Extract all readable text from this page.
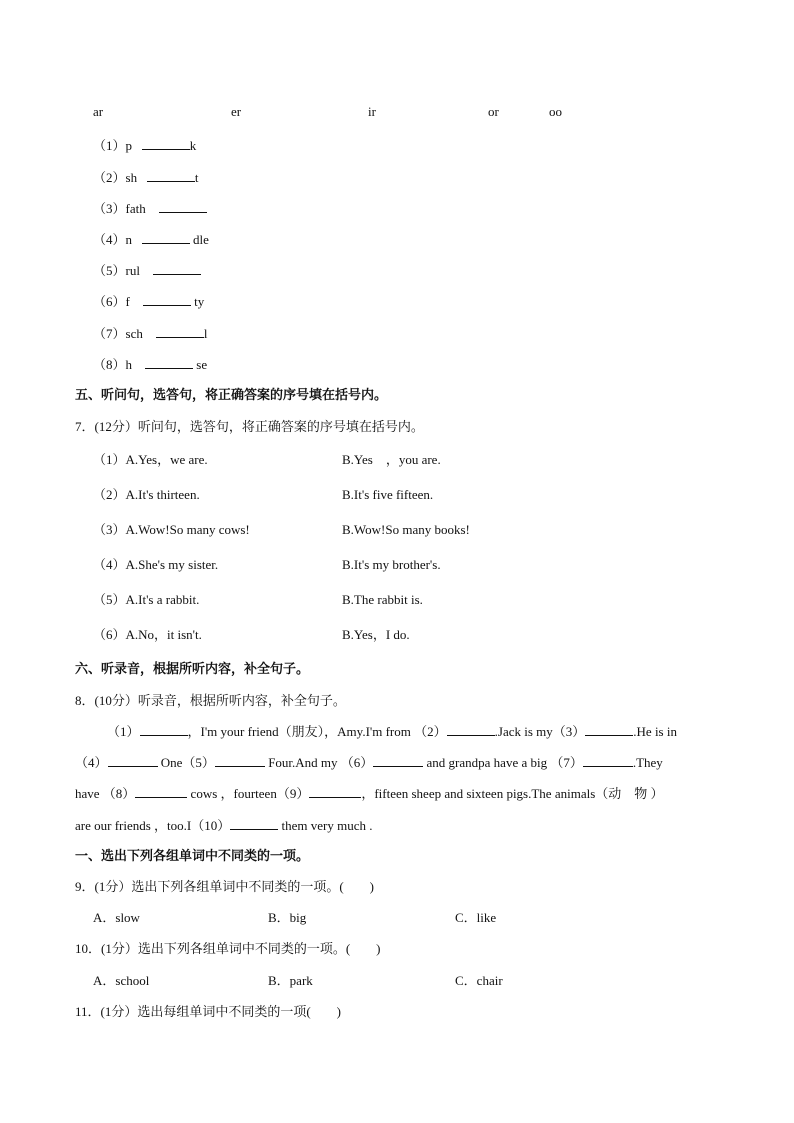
ar	er	ir	or	oo
（1）p	k
（2）sh	t
（3）fath
（4）n	dle
（5）rul
（6）f	ty
（7）sch	l
（8）h	se
五、听问句，选答句，将正确答案的序号填在括号内。
7．(12分）听问句，选答句，将正确答案的序号填在括号内。
（1）A.Yes，we are.	B.Yes　，you are.
（2）A.It's thirteen.	B.It's five fifteen.
（3）A.Wow!So many cows!	B.Wow!So many books!
（4）A.She's my sister.	B.It's my brother's.
（5）A.It's a rabbit.	B.The rabbit is.
（6）A.No，it isn't.	B.Yes，I do.
六、听录音，根据所听内容，补全句子。
8．(10分）听录音，根据所听内容，补全句子。
（1）	，I'm your friend（朋友），Amy.I'm from （2）	.Jack is my（3）	.He is in
（4）	One（5）	Four.And my （6）	and grandpa have a big （7）	.They
have （8）	cows ，fourteen（9）	，fifteen sheep and sixteen pigs.The animals（动　物 ）
are our friends ，too.I（10）	them very much .
一、选出下列各组单词中不同类的一项。
9．(1分）选出下列各组单词中不同类的一项。(　　)
A．slow	B．big	C．like
10．(1分）选出下列各组单词中不同类的一项。(　　)
A．school	B．park	C．chair
11．(1分）选出每组单词中不同类的一项(　　)
